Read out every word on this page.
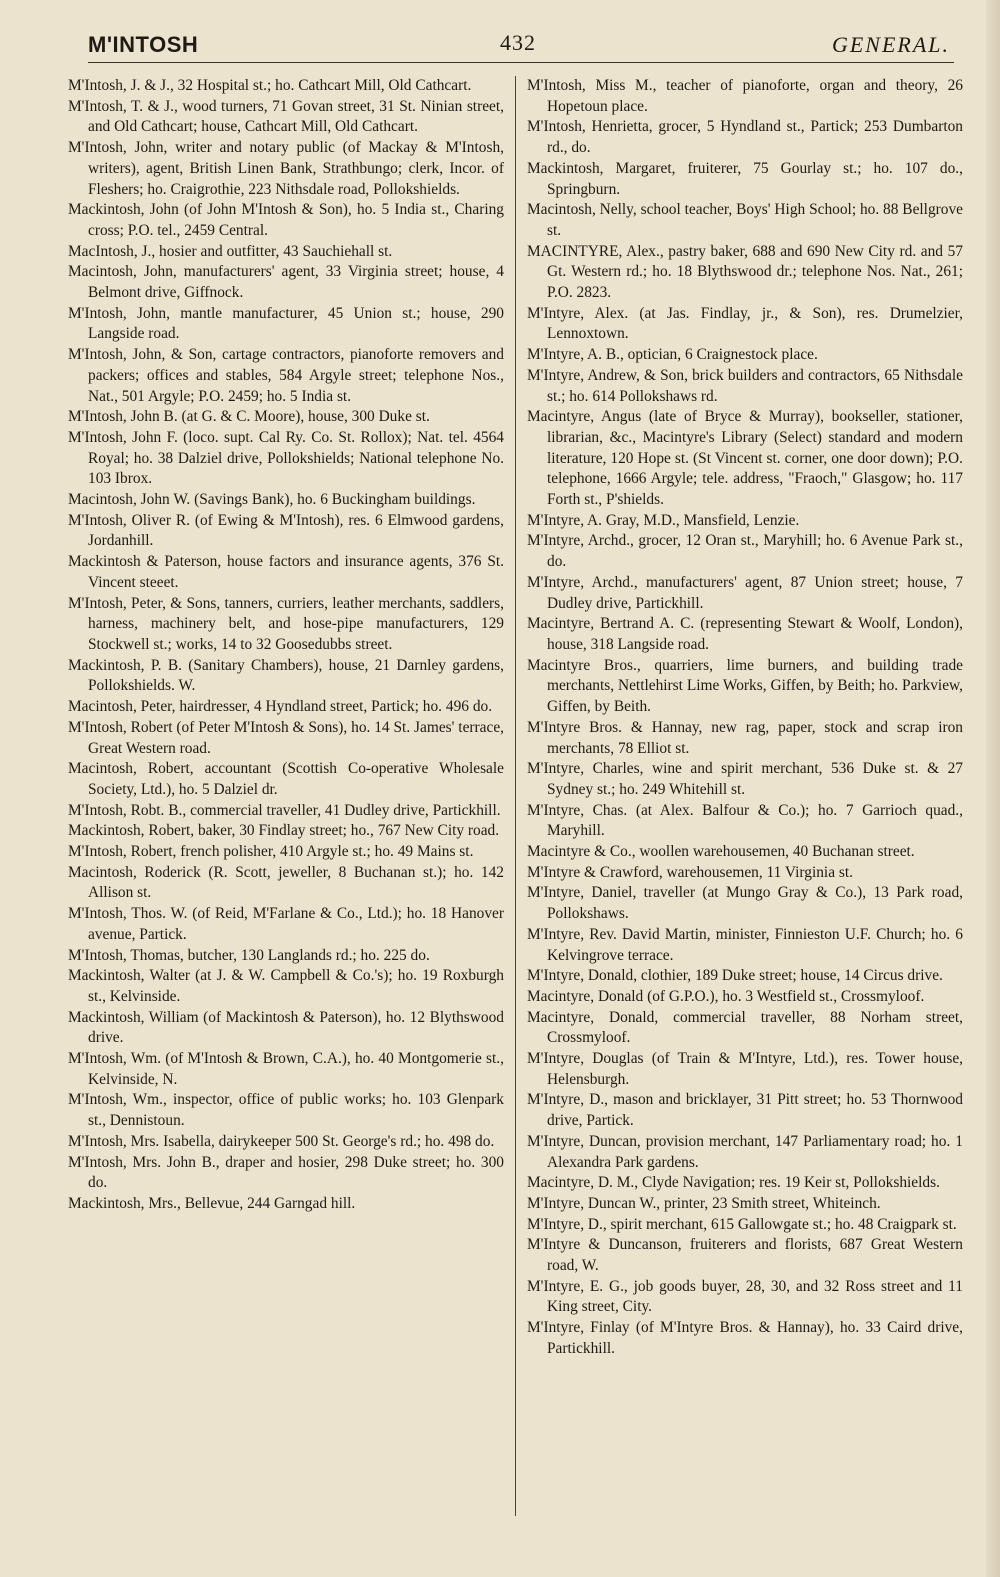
M'INTOSH	432	GENERAL.
M'Intosh, J. & J., 32 Hospital st.; ho. Cathcart Mill, Old Cathcart.
M'Intosh, T. & J., wood turners, 71 Govan street, 31 St. Ninian street, and Old Cathcart; house, Cathcart Mill, Old Cathcart.
M'Intosh, John, writer and notary public (of Mackay & M'Intosh, writers), agent, British Linen Bank, Strathbungo; clerk, Incor. of Fleshers; ho. Craigrothie, 223 Nithsdale road, Pollokshields.
Mackintosh, John (of John M'Intosh & Son), ho. 5 India st., Charing cross; P.O. tel., 2459 Central.
MacIntosh, J., hosier and outfitter, 43 Sauchiehall st.
Macintosh, John, manufacturers' agent, 33 Virginia street; house, 4 Belmont drive, Giffnock.
M'Intosh, John, mantle manufacturer, 45 Union st.; house, 290 Langside road.
M'Intosh, John, & Son, cartage contractors, pianoforte removers and packers; offices and stables, 584 Argyle street; telephone Nos., Nat., 501 Argyle; P.O. 2459; ho. 5 India st.
M'Intosh, John B. (at G. & C. Moore), house, 300 Duke st.
M'Intosh, John F. (loco. supt. Cal Ry. Co. St. Rollox); Nat. tel. 4564 Royal; ho. 38 Dalziel drive, Pollokshields; National telephone No. 103 Ibrox.
Macintosh, John W. (Savings Bank), ho. 6 Buckingham buildings.
M'Intosh, Oliver R. (of Ewing & M'Intosh), res. 6 Elmwood gardens, Jordanhill.
Mackintosh & Paterson, house factors and insurance agents, 376 St. Vincent steeet.
M'Intosh, Peter, & Sons, tanners, curriers, leather merchants, saddlers, harness, machinery belt, and hose-pipe manufacturers, 129 Stockwell st.; works, 14 to 32 Goosedubbs street.
Mackintosh, P. B. (Sanitary Chambers), house, 21 Darnley gardens, Pollokshields. W.
Macintosh, Peter, hairdresser, 4 Hyndland street, Partick; ho. 496 do.
M'Intosh, Robert (of Peter M'Intosh & Sons), ho. 14 St. James' terrace, Great Western road.
Macintosh, Robert, accountant (Scottish Co-operative Wholesale Society, Ltd.), ho. 5 Dalziel dr.
M'Intosh, Robt. B., commercial traveller, 41 Dudley drive, Partickhill.
Mackintosh, Robert, baker, 30 Findlay street; ho., 767 New City road.
M'Intosh, Robert, french polisher, 410 Argyle st.; ho. 49 Mains st.
Macintosh, Roderick (R. Scott, jeweller, 8 Buchanan st.); ho. 142 Allison st.
M'Intosh, Thos. W. (of Reid, M'Farlane & Co., Ltd.); ho. 18 Hanover avenue, Partick.
M'Intosh, Thomas, butcher, 130 Langlands rd.; ho. 225 do.
Mackintosh, Walter (at J. & W. Campbell & Co.'s); ho. 19 Roxburgh st., Kelvinside.
Mackintosh, William (of Mackintosh & Paterson), ho. 12 Blythswood drive.
M'Intosh, Wm. (of M'Intosh & Brown, C.A.), ho. 40 Montgomerie st., Kelvinside, N.
M'Intosh, Wm., inspector, office of public works; ho. 103 Glenpark st., Dennistoun.
M'Intosh, Mrs. Isabella, dairykeeper 500 St. George's rd.; ho. 498 do.
M'Intosh, Mrs. John B., draper and hosier, 298 Duke street; ho. 300 do.
Mackintosh, Mrs., Bellevue, 244 Garngad hill.
M'Intosh, Miss M., teacher of pianoforte, organ and theory, 26 Hopetoun place.
M'Intosh, Henrietta, grocer, 5 Hyndland st., Partick; 253 Dumbarton rd., do.
Mackintosh, Margaret, fruiterer, 75 Gourlay st.; ho. 107 do., Springburn.
Macintosh, Nelly, school teacher, Boys' High School; ho. 88 Bellgrove st.
MACINTYRE, Alex., pastry baker, 688 and 690 New City rd. and 57 Gt. Western rd.; ho. 18 Blythswood dr.; telephone Nos. Nat., 261; P.O. 2823.
M'Intyre, Alex. (at Jas. Findlay, jr., & Son), res. Drumelzier, Lennoxtown.
M'Intyre, A. B., optician, 6 Craignestock place.
M'Intyre, Andrew, & Son, brick builders and contractors, 65 Nithsdale st.; ho. 614 Pollokshaws rd.
Macintyre, Angus (late of Bryce & Murray), bookseller, stationer, librarian, &c., Macintyre's Library (Select) standard and modern literature, 120 Hope st. (St Vincent st. corner, one door down); P.O. telephone, 1666 Argyle; tele. address, "Fraoch," Glasgow; ho. 117 Forth st., P'shields.
M'Intyre, A. Gray, M.D., Mansfield, Lenzie.
M'Intyre, Archd., grocer, 12 Oran st., Maryhill; ho. 6 Avenue Park st., do.
M'Intyre, Archd., manufacturers' agent, 87 Union street; house, 7 Dudley drive, Partickhill.
Macintyre, Bertrand A. C. (representing Stewart & Woolf, London), house, 318 Langside road.
Macintyre Bros., quarriers, lime burners, and building trade merchants, Nettlehirst Lime Works, Giffen, by Beith; ho. Parkview, Giffen, by Beith.
M'Intyre Bros. & Hannay, new rag, paper, stock and scrap iron merchants, 78 Elliot st.
M'Intyre, Charles, wine and spirit merchant, 536 Duke st. & 27 Sydney st.; ho. 249 Whitehill st.
M'Intyre, Chas. (at Alex. Balfour & Co.); ho. 7 Garrioch quad., Maryhill.
Macintyre & Co., woollen warehousemen, 40 Buchanan street.
M'Intyre & Crawford, warehousemen, 11 Virginia st.
M'Intyre, Daniel, traveller (at Mungo Gray & Co.), 13 Park road, Pollokshaws.
M'Intyre, Rev. David Martin, minister, Finnieston U.F. Church; ho. 6 Kelvingrove terrace.
M'Intyre, Donald, clothier, 189 Duke street; house, 14 Circus drive.
Macintyre, Donald (of G.P.O.), ho. 3 Westfield st., Crossmyloof.
Macintyre, Donald, commercial traveller, 88 Norham street, Crossmyloof.
M'Intyre, Douglas (of Train & M'Intyre, Ltd.), res. Tower house, Helensburgh.
M'Intyre, D., mason and bricklayer, 31 Pitt street; ho. 53 Thornwood drive, Partick.
M'Intyre, Duncan, provision merchant, 147 Parliamentary road; ho. 1 Alexandra Park gardens.
Macintyre, D. M., Clyde Navigation; res. 19 Keir st, Pollokshields.
M'Intyre, Duncan W., printer, 23 Smith street, Whiteinch.
M'Intyre, D., spirit merchant, 615 Gallowgate st.; ho. 48 Craigpark st.
M'Intyre & Duncanson, fruiterers and florists, 687 Great Western road, W.
M'Intyre, E. G., job goods buyer, 28, 30, and 32 Ross street and 11 King street, City.
M'Intyre, Finlay (of M'Intyre Bros. & Hannay), ho. 33 Caird drive, Partickhill.
